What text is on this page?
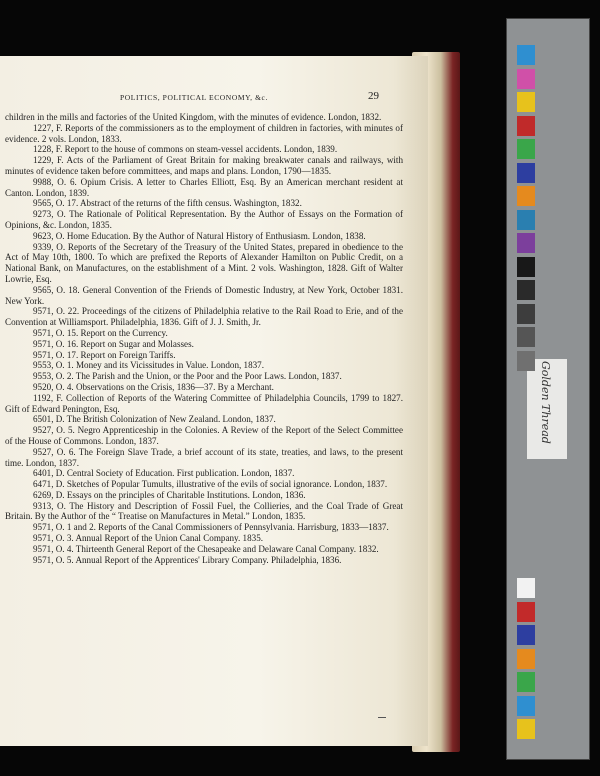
POLITICS, POLITICAL ECONOMY, &c.	29

children in the mills and factories of the United Kingdom, with the minutes of evidence. London, 1832.

1227, F. Reports of the commissioners as to the employment of children in factories, with minutes of evidence. 2 vols. London, 1833.

1228, F. Report to the house of commons on steam-vessel accidents. London, 1839.

1229, F. Acts of the Parliament of Great Britain for making breakwater canals and railways, with minutes of evidence taken before committees, and maps and plans. London, 1790—1835.

9988, O. 6. Opium Crisis. A letter to Charles Elliott, Esq. By an American merchant resident at Canton. London, 1839.

9565, O. 17. Abstract of the returns of the fifth census. Washington, 1832.

9273, O. The Rationale of Political Representation. By the Author of Essays on the Formation of Opinions, &c. London, 1835.

9623, O. Home Education. By the Author of Natural History of Enthusiasm. London, 1838.

9339, O. Reports of the Secretary of the Treasury of the United States, prepared in obedience to the Act of May 10th, 1800. To which are prefixed the Reports of Alexander Hamilton on Public Credit, on a National Bank, on Manufactures, on the establishment of a Mint. 2 vols. Washington, 1828. Gift of Walter Lowrie, Esq.

9565, O. 18. General Convention of the Friends of Domestic Industry, at New York, October 1831. New York.

9571, O. 22. Proceedings of the citizens of Philadelphia relative to the Rail Road to Erie, and of the Convention at Williamsport. Philadelphia, 1836. Gift of J. J. Smith, Jr.

9571, O. 15. Report on the Currency.

9571, O. 16. Report on Sugar and Molasses.

9571, O. 17. Report on Foreign Tariffs.

9553, O. 1. Money and its Vicissitudes in Value. London, 1837.

9553, O. 2. The Parish and the Union, or the Poor and the Poor Laws. London, 1837.

9520, O. 4. Observations on the Crisis, 1836—37. By a Merchant.

1192, F. Collection of Reports of the Watering Committee of Philadelphia Councils, 1799 to 1827. Gift of Edward Penington, Esq.

6501, D. The British Colonization of New Zealand. London, 1837.

9527, O. 5. Negro Apprenticeship in the Colonies. A Review of the Report of the Select Committee of the House of Commons. London, 1837.

9527, O. 6. The Foreign Slave Trade, a brief account of its state, treaties, and laws, to the present time. London, 1837.

6401, D. Central Society of Education. First publication. London, 1837.

6471, D. Sketches of Popular Tumults, illustrative of the evils of social ignorance. London, 1837.

6269, D. Essays on the principles of Charitable Institutions. London, 1836.

9313, O. The History and Description of Fossil Fuel, the Collieries, and the Coal Trade of Great Britain. By the Author of the “ Treatise on Manufactures in Metal.” London, 1835.

9571, O. 1 and 2. Reports of the Canal Commissioners of Pennsylvania. Harrisburg, 1833—1837.

9571, O. 3. Annual Report of the Union Canal Company. 1835.

9571, O. 4. Thirteenth General Report of the Chesapeake and Delaware Canal Company. 1832.

9571, O. 5. Annual Report of the Apprentices' Library Company. Philadelphia, 1836.

Golden Thread
